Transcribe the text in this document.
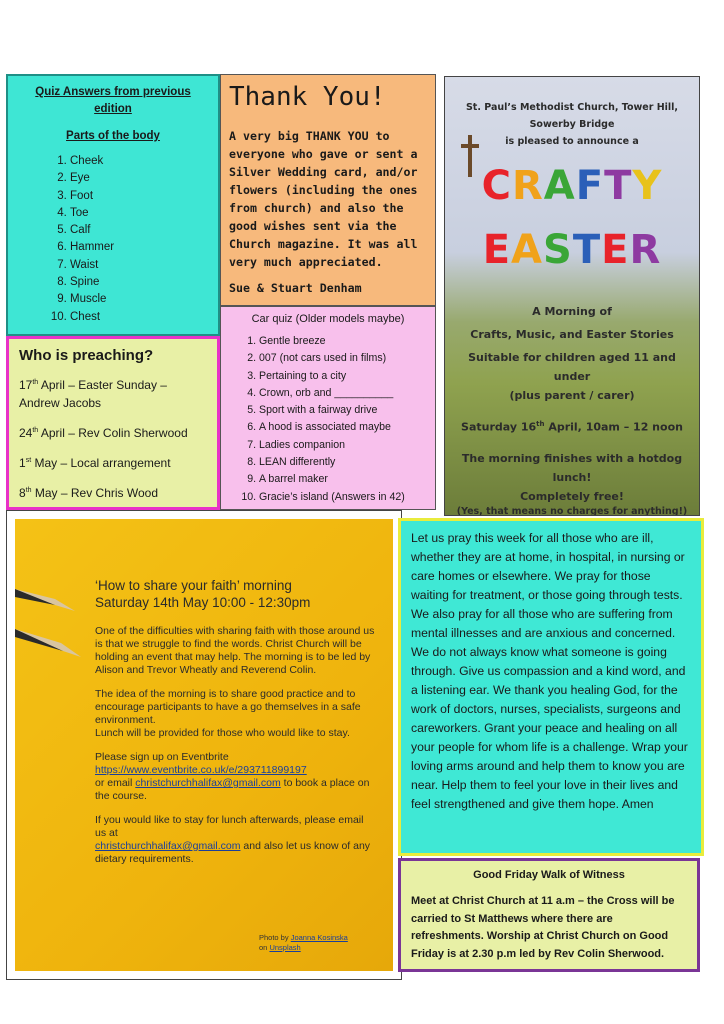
Quiz Answers from previous edition
Parts of the body
1. Cheek
2. Eye
3. Foot
4. Toe
5. Calf
6. Hammer
7. Waist
8. Spine
9. Muscle
10. Chest
Thank You!
A very big THANK YOU to everyone who gave or sent a Silver Wedding card, and/or flowers (including the ones from church) and also the good wishes sent via the Church magazine. It was all very much appreciated.
Sue & Stuart Denham
Car quiz (Older models maybe)
1. Gentle breeze
2. 007 (not cars used in films)
3. Pertaining to a city
4. Crown, orb and __________
5. Sport with a fairway drive
6. A hood is associated maybe
7. Ladies companion
8. LEAN differently
9. A barrel maker
10. Gracie’s island (Answers in 42)
Who is preaching?

17th April – Easter Sunday – Andrew Jacobs

24th April – Rev Colin Sherwood

1st May – Local arrangement

8th May – Rev Chris Wood

St. Paul’s Methodist Church, Tower Hill, Sowerby Bridge
is pleased to announce a
CRAFTY
EASTER
A Morning of
Crafts, Music, and Easter Stories
Suitable for children aged 11 and under
(plus parent / carer)
Saturday 16th April, 10am – 12 noon
The morning finishes with a hotdog lunch!
Completely free!
(Yes, that means no charges for anything!)
‘How to share your faith’ morning
Saturday 14th May 10:00 - 12:30pm

One of the difficulties with sharing faith with those around us is that we struggle to find the words. Christ Church will be holding an event that may help. The morning is to be led by Alison and Trevor Wheatly and Reverend Colin.

The idea of the morning is to share good practice and to encourage participants to have a go themselves in a safe environment.

Lunch will be provided for those who would like to stay.

Please sign up on Eventbrite
https://www.eventbrite.co.uk/e/293711899197
or email christchurchhalifax@gmail.com to book a place on the course.

If you would like to stay for lunch afterwards, please email us at
christchurchhalifax@gmail.com and also let us know of any dietary requirements.

Photo by Joanna Kosinska
on Unsplash

Let us pray this week for all those who are ill, whether they are at home, in hospital, in nursing or care homes or elsewhere. We pray for those waiting for treatment, or those going through tests. We also pray for all those who are suffering from mental illnesses and are anxious and concerned. We do not always know what someone is going through. Give us compassion and a kind word, and a listening ear. We thank you healing God, for the work of doctors, nurses, specialists, surgeons and careworkers. Grant your peace and healing on all your people for whom life is a challenge. Wrap your loving arms around and help them to know you are near. Help them to feel your love in their lives and feel strengthened and give them hope. Amen

Good Friday Walk of Witness

Meet at Christ Church at 11 a.m – the Cross will be carried to St Matthews where there are refreshments. Worship at Christ Church on Good Friday is at 2.30 p.m led by Rev Colin Sherwood.
